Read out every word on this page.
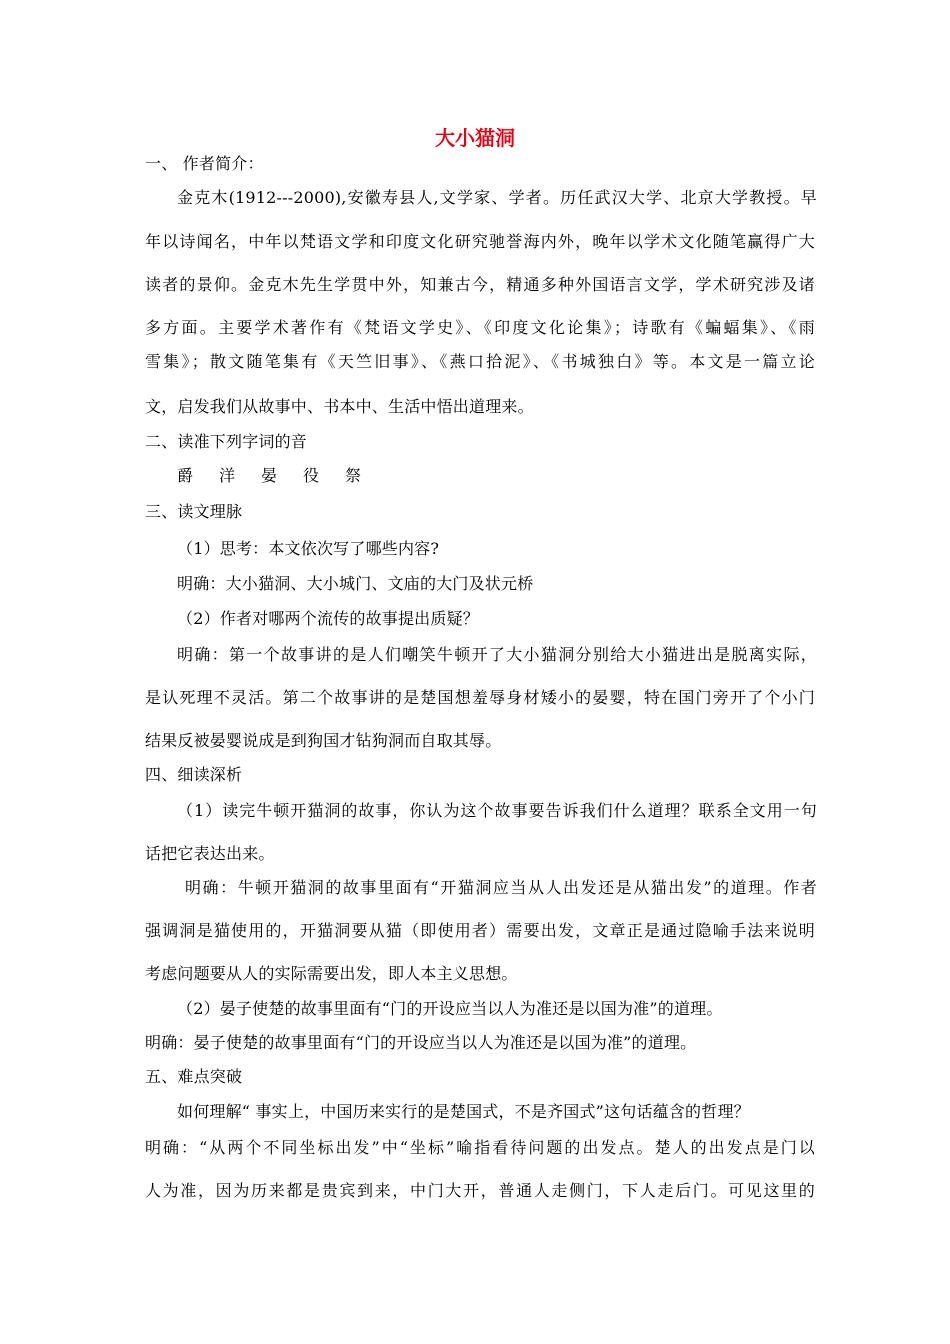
大小猫洞
一、 作者简介：
金克木(1912---2000),安徽寿县人,文学家、学者。历任武汉大学、北京大学教授。早
年以诗闻名，中年以梵语文学和印度文化研究驰誉海内外，晚年以学术文化随笔赢得广大
读者的景仰。金克木先生学贯中外，知兼古今，精通多种外国语言文学，学术研究涉及诸
多方面。主要学术著作有《梵语文学史》、《印度文化论集》；诗歌有《蝙蝠集》、《雨
雪集》；散文随笔集有《天竺旧事》、《燕口拾泥》、《书城独白》等。本文是一篇立论
文，启发我们从故事中、书本中、生活中悟出道理来。
二、读准下列字词的音
爵 洋 晏 役 祭
三、读文理脉
（1）思考：本文依次写了哪些内容?
明确：大小猫洞、大小城门、文庙的大门及状元桥
（2）作者对哪两个流传的故事提出质疑？
明确：第一个故事讲的是人们嘲笑牛顿开了大小猫洞分别给大小猫进出是脱离实际，
是认死理不灵活。第二个故事讲的是楚国想羞辱身材矮小的晏婴，特在国门旁开了个小门
结果反被晏婴说成是到狗国才钻狗洞而自取其辱。
四、细读深析
（1）读完牛顿开猫洞的故事，你认为这个故事要告诉我们什么道理？联系全文用一句
话把它表达出来。
明确：牛顿开猫洞的故事里面有“开猫洞应当从人出发还是从猫出发”的道理。作者
强调洞是猫使用的，开猫洞要从猫（即使用者）需要出发，文章正是通过隐喻手法来说明
考虑问题要从人的实际需要出发，即人本主义思想。
（2）晏子使楚的故事里面有“门的开设应当以人为准还是以国为准”的道理。
明确：晏子使楚的故事里面有“门的开设应当以人为准还是以国为准”的道理。
五、难点突破
如何理解“ 事实上，中国历来实行的是楚国式，不是齐国式”这句话蕴含的哲理？
明确：“从两个不同坐标出发”中“坐标”喻指看待问题的出发点。楚人的出发点是门以
人为准，因为历来都是贵宾到来，中门大开，普通人走侧门，下人走后门。可见这里的
